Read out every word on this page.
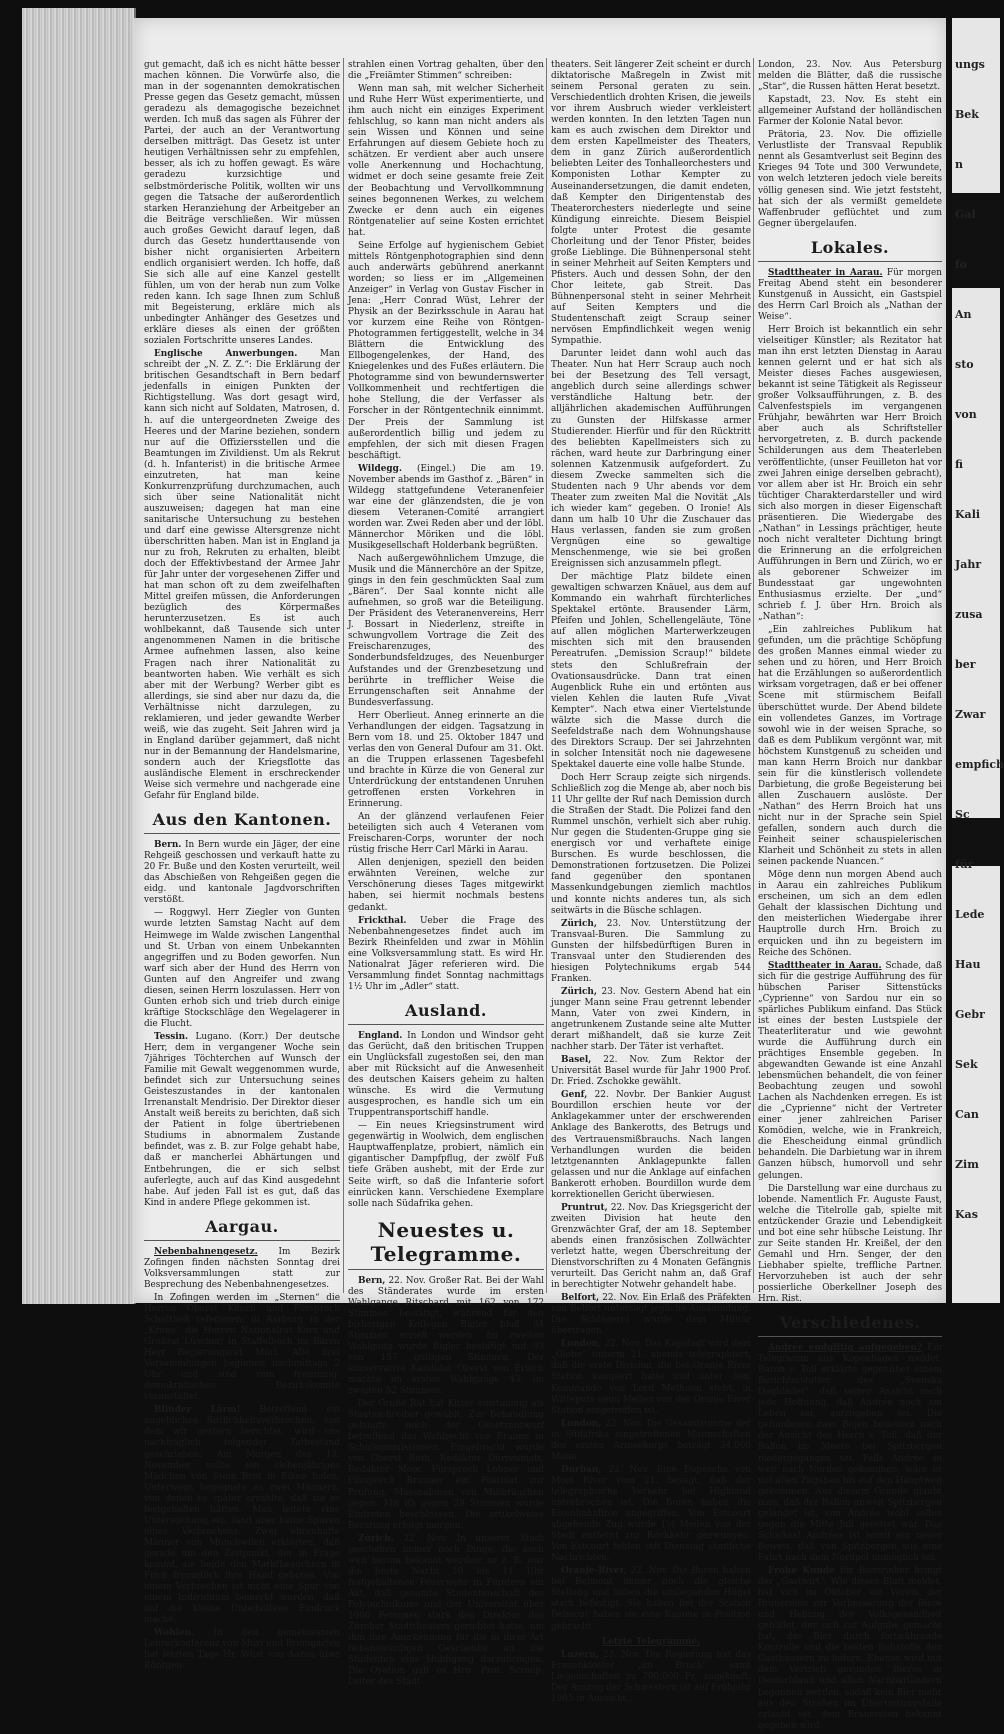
gut gemacht, daß ich es nicht hätte besser machen können. Die Vorwürfe also, die man in der sogenannten demokratischen Presse gegen das Gesetz gemacht, müssen geradezu als demagogische bezeichnet werden. Ich muß das sagen als Führer der Partei, der auch an der Verantwortung derselben mitträgt. Das Gesetz ist unter heutigen Verhältnissen sehr zu empfehlen, besser, als ich zu hoffen gewagt. Es wäre geradezu kurzsichtige und selbstmörderische Politik, wollten wir uns gegen die Tatsache der außerordentlich starken Heranziehung der Arbeitgeber an die Beiträge verschließen. Wir müssen auch großes Gewicht darauf legen, daß durch das Gesetz hunderttausende von bisher nicht organisierten Arbeitern endlich organisiert werden. Ich hoffe, daß Sie sich alle auf eine Kanzel gestellt fühlen, um von der herab nun zum Volke reden kann. Ich sage Ihnen zum Schluß mit Begeisterung, erkläre mich als unbedingter Anhänger des Gesetzes und erkläre dieses als einen der größten sozialen Fortschritte unseres Landes.

Englische Anwerbungen.	Man schreibt der „N. Z. Z.“: Die Erklärung der britischen Gesandtschaft in Bern bedarf jedenfalls in einigen Punkten der Richtigstellung. Was dort gesagt wird, kann sich nicht auf Soldaten, Matrosen, d. h. auf die untergeordneten Zweige des Heeres und der Marine beziehen, sondern nur auf die Offiziersstellen und die Beamtungen im Zivildienst. Um als Rekrut (d. h. Infanterist) in die britische Armee einzutreten, hat man keine Konkurrenzprüfung durchzumachen, auch sich über seine Nationalität nicht auszuweisen; dagegen hat man eine sanitarische Untersuchung zu bestehen und darf eine gewisse Altersgrenze nicht überschritten haben. Man ist in England ja nur zu froh, Rekruten zu erhalten, bleibt doch der Effektivbestand der Armee Jahr für Jahr unter der vorgesehenen Ziffer und hat man schon oft zu dem zweifelhaften Mittel greifen müssen, die Anforderungen bezüglich des Körpermaßes herunterzusetzen. Es ist auch wohlbekannt, daß Tausende sich unter angenommenen Namen in die britische Armee aufnehmen lassen, also keine Fragen nach ihrer Nationalität zu beantworten haben. Wie verhält es sich aber mit der Werbung? Werber gibt es allerdings, sie sind aber nur dazu da, die Verhältnisse nicht darzulegen, zu reklamieren, und jeder gewandte Werber weiß, wie das zugeht. Seit Jahren wird ja in England darüber gejammert, daß nicht nur in der Bemannung der Handelsmarine, sondern auch der Kriegsflotte das ausländische Element in erschreckender Weise sich vermehre und nachgerade eine Gefahr für England bilde.

Aus den Kantonen.

Bern. In Bern wurde ein Jäger, der eine Rehgeiß geschossen und verkauft hatte zu 20 Fr. Buße und den Kosten verurteilt, weil das Abschießen von Rehgeißen gegen die eidg. und kantonale Jagdvorschriften verstößt.

— Roggwyl. Herr Ziegler von Gunten wurde letzten Samstag Nacht auf dem Heimwege im Walde zwischen Langenthal und St. Urban von einem Unbekannten angegriffen und zu Boden geworfen. Nun warf sich aber der Hund des Herrn von Gunten auf den Angreifer und zwang diesen, seinen Herrn loszulassen. Herr von Gunten erhob sich und trieb durch einige kräftige Stockschläge den Wegelagerer in die Flucht.

Tessin. Lugano. (Korr.) Der deutsche Herr, dem in vergangener Woche sein 7jähriges Töchterchen auf Wunsch der Familie mit Gewalt weggenommen wurde, befindet sich zur Untersuchung seines Geisteszustandes in der kantonalen Irrenanstalt Mendrisio. Der Direktor dieser Anstalt weiß bereits zu berichten, daß sich der Patient in folge übertriebenen Studiums in abnormalem Zustande befindet, was z. B. zur Folge gehabt habe, daß er mancherlei Abhärtungen und Entbehrungen, die er sich selbst auferlegte, auch auf das Kind ausgedehnt habe. Auf jeden Fall ist es gut, daß das Kind in andere Pflege gekommen ist.

Aargau.

Nebenbahnengesetz. Im Bezirk Zofingen finden nächsten Sonntag drei Volksversammlungen statt zur Besprechung des Nebenbahnengesetzes.

In Zofingen werden im „Sternen“ die Herren Oberst Künzli und Fürsprech Schultheß referieren; in Aarburg in der „Krone“ die Herren Nationalrat Kurz und Großrat Lüscher; in Staffelbach im Bären Herr Regierungsrat Müri. Alle drei Versammlungen beginnen nachmittags 2 Uhr und sind vom freisinnig-demokratischen Bezirkskomite veranstaltet.

Blinder Lärm! Betreffend ein angebliches Sittlichkeitsverbrechen, von dem wir gestern berichtet, wird uns nachträglich folgender Tatbestand geschrieben: Am Morgen des 13. November sollte ein siebenjähriges Mädchen von Stein Brot in Eiken holen. Unterwegs begegnete es zwei Männern, von denen es später erzählte, daß sie es festgehalten hätten. Man leitete eine Untersuchung ein, fand aber keine Spuren eines Verbrechens. Zwei ehrenhafte Männer von Münchwilen erklärten, daß gerade um den Zeitpunkt, der in Frage kommt, sie beide den Marktbesuchern in Frick freundlich ihre Hand geboten. Von einem Verbrechen ist nicht eine Spur von einem Individuum bemerkt worden, daß auf die kleine Unbeholfene Eindruck mache.

Wohlen. In den gemeinsamen Lehrerkonferenz von Muri und Bremgarten hat letzten Tage Hr. Wüst von Aarau über Röntgen-

strahlen einen Vortrag gehalten, über den die „Freiämter Stimmen“ schreiben:

Wenn man sah, mit welcher Sicherheit und Ruhe Herr Wüst experimentierte, und ihm auch nicht ein einziges Experiment fehlschlug, so kann man nicht anders als sein Wissen und Können und seine Erfahrungen auf diesem Gebiete hoch zu schätzen. Er verdient aber auch unsere volle Anerkennung und Hochachtung, widmet er doch seine gesamte freie Zeit der Beobachtung und Vervollkommnung seines begonnenen Werkes, zu welchem Zwecke er denn auch ein eigenes Röntgenatelier auf seine Kosten errichtet hat.

Seine Erfolge auf hygienischem Gebiet mittels Röntgenphotographien sind denn auch anderwärts gebührend anerkannt worden; so liess er im „Allgemeinen Anzeiger“ in Verlag von Gustav Fischer in Jena: „Herr Conrad Wüst, Lehrer der Physik an der Bezirksschule in Aarau hat vor kurzem eine Reihe von Röntgen-Photogrammen fertiggestellt, welche in 34 Blättern die Entwicklung des Ellbogengelenkes, der Hand, des Kniegelenkes und des Fußes erläutern. Die Photogramme sind von bewundernswerter Vollkommenheit und rechtfertigen die hohe Stellung, die der Verfasser als Forscher in der Röntgentechnik einnimmt. Der Preis der Sammlung ist außerordentlich billig und jedem zu empfehlen, der sich mit diesen Fragen beschäftigt.

Wildegg. (Eingel.) Die am 19. November abends im Gasthof z. „Bären“ in Wildegg stattgefundene Veteranenfeier war eine der glänzendsten, die je von diesem Veteranen-Comité arrangiert worden war. Zwei Reden aber und der löbl. Männerchor Möriken und die löbl. Musikgesellschaft Holderbank begrüßten.

Nach außergewöhnlichem Umzuge, die Musik und die Männerchöre an der Spitze, gings in den fein geschmückten Saal zum „Bären“. Der Saal konnte nicht alle aufnehmen, so groß war die Beteiligung. Der Präsident des Veteranenvereins, Herr J. Bossart in Niederlenz, streifte in schwungvollem Vortrage die Zeit des Freischarenzuges, des Sonderbundsfeldzuges, des Neuenburger Aufstandes und der Grenzbesetzung und berührte in trefflicher Weise die Errungenschaften seit Annahme der Bundesverfassung.

Herr Oberlieut. Anneg erinnerte an die Verhandlungen der eidgen. Tagsatzung in Bern vom 18. und 25. Oktober 1847 und verlas den von General Dufour am 31. Okt. an die Truppen erlassenen Tagesbefehl und brachte in Kürze die von General zur Unterdrückung der entstandenen Unruhen getroffenen ersten Vorkehren in Erinnerung.

An der glänzend verlaufenen Feier beteiligten sich auch 4 Veteranen vom Freischaren-Corps, worunter der noch rüstig frische Herr Carl Märki in Aarau.

Allen denjenigen, speziell den beiden erwähnten Vereinen, welche zur Verschönerung dieses Tages mitgewirkt haben, sei hiermit nochmals bestens gedankt.

Frickthal. Ueber die Frage des Nebenbahnengesetzes findet auch im Bezirk Rheinfelden und zwar in Möhlin eine Volksversammlung statt. Es wird Hr. Nationalrat Jäger referieren wird. Die Versammlung findet Sonntag nachmittags 1½ Uhr im „Adler“ statt.

Ausland.

England. In London und Windsor geht das Gerücht, daß den britischen Truppen ein Unglücksfall zugestoßen sei, den man aber mit Rücksicht auf die Anwesenheit des deutschen Kaisers geheim zu halten wünsche. Es wird die Vermutung ausgesprochen, es handle sich um ein Truppentransportschiff handle.

— Ein neues Kriegsinstrument wird gegenwärtig in Woolwich, dem englischen Hauptwaffenplatze, probiert, nämlich ein gigantischer Dampfpflug, der zwölf Fuß tiefe Gräben aushebt, mit der Erde zur Seite wirft, so daß die Infanterie sofort einrücken kann. Verschiedene Exemplare solle nach Südafrika gehen.

Neuestes u. Telegramme.

Bern, 22. Nov. Großer Rat. Bei der Wahl des Ständerates wurde im ersten Wahlgange Ritschard mit 162 von 172 Stimmen bestätigt, während für den bisherigen Kollegen Bigler bloß 84 Stimmen erzielt werden. Im zweiten Wahlgang wurde Bigler bestätigt mit 93 von 157 gültigen Stimmen. Der konservative Kandidat Oberst von Erlach machte im ersten Wahlgange 43, im zweiten 52 Stimmen.

Der Große Rat hat Kitter einstimmig als Staatsschreiber gewählt. Zur Behandlung gelangte noch der Gesetzentwurf betreffend das Wahlrecht von Frauen in Schulkommissionen. Eingebracht wurde von Oberst Roth, Redaktor Dürrenmatt, Redaktor Moor, Fürsprech Lohner und Fürsprech Brunner ein Postulat zur Prüfung, Massnahmen von Mißbräuchen gegen. Mit 85 gegen 28 Stimmen wurde Eintreten beschlossen. Die artikelweise Beratung erfolgt morgen.

Zürich, 22. Nov. In unserer Stadt geschehen immer noch Dinge, die auch weit herum bekannt werden: so z. B. war die beste Nacht 10 bis 11 Uhr festgehaltenen Feuerwehr in Fluntern ein Akt, daß gesamte Studentenschaft des Polytechnikums und der Universität über 1000 Personen stark den Direktor des Zürcher Stadttheaters gerichtet hatte, um ihm ihre Anerkennung für die in ihrer Art liebenswürdigen Geschenke an die Studenten eine Huldigung darzubringen. Die Ovation galt es Hrn. Prof. Scraup, Leiter des Stadt-

theaters. Seit längerer Zeit scheint er durch diktatorische Maßregeln in Zwist mit seinem Personal geraten zu sein. Verschiedentlich drohten Krisen, die jeweils vor ihrem Ausbruch wieder verkleistert werden konnten. In den letzten Tagen nun kam es auch zwischen dem Direktor und dem ersten Kapellmeister des Theaters, dem in ganz Zürich außerordentlich beliebten Leiter des Tonhalleorchesters und Komponisten Lothar Kempter zu Auseinandersetzungen, die damit endeten, daß Kempter den Dirigentenstab des Theaterorchesters niederlegte und seine Kündigung einreichte. Diesem Beispiel folgte unter Protest die gesamte Chorleitung und der Tenor Pfister, beides große Lieblinge. Die Bühnenpersonal steht in seiner Mehrheit auf Seiten Kempters und Pfisters. Auch und dessen Sohn, der den Chor leitete, gab Streit. Das Bühnenpersonal steht in seiner Mehrheit auf Seiten Kempters und die Studentenschaft zeigt Scraup seiner nervösen Empfindlichkeit wegen wenig Sympathie.

Darunter leidet dann wohl auch das Theater. Nun hat Herr Scraup auch noch bei der Besetzung des Tell versagt, angeblich durch seine allerdings schwer verständliche Haltung betr. der alljährlichen akademischen Aufführungen zu Gunsten der Hilfskasse armer Studierender. Hierfür und für den Rücktritt des beliebten Kapellmeisters sich zu rächen, ward heute zur Darbringung einer solennen Katzenmusik aufgefordert. Zu diesem Zwecke sammelten sich die Studenten nach 9 Uhr abends vor dem Theater zum zweiten Mal die Novität „Als ich wieder kam“ gegeben. O Ironie! Als dann um halb 10 Uhr die Zuschauer das Haus verlassen, fanden sie zum großen Vergnügen eine so gewaltige Menschenmenge, wie sie bei großen Ereignissen sich anzusammeln pflegt.

Der mächtige Platz bildete einen gewaltigen schwarzen Knäuel, aus dem auf Kommando ein wahrhaft fürchterliches Spektakel ertönte. Brausender Lärm, Pfeifen und Johlen, Schellengeläute, Töne auf allen möglichen Marterwerkzeugen mischten sich mit den brausenden Pereatrufen. „Demission Scraup!“ bildete stets den Schlußrefrain der Ovationsausdrücke. Dann trat einen Augenblick Ruhe ein und ertönten aus vielen Kehlen die lauten Rufe „Vivat Kempter“. Nach etwa einer Viertelstunde wälzte sich die Masse durch die Seefeldstraße nach dem Wohnungshause des Direktors Scraup. Der sei Jahrzehnten in solcher Intensität noch nie dagewesene Spektakel dauerte eine volle halbe Stunde.

Doch Herr Scraup zeigte sich nirgends. Schließlich zog die Menge ab, aber noch bis 11 Uhr gellte der Ruf nach Demission durch die Straßen der Stadt. Die Polizei fand den Rummel unschön, verhielt sich aber ruhig. Nur gegen die Studenten-Gruppe ging sie energisch vor und verhaftete einige Burschen. Es wurde beschlossen, die Demonstrationen fortzusetzen. Die Polizei fand gegenüber den spontanen Massenkundgebungen ziemlich machtlos und konnte nichts anderes tun, als sich seitwärts in die Büsche schlagen.

Zürich, 23. Nov. Unterstützung der Transvaal-Buren. Die Sammlung zu Gunsten der hilfsbedürftigen Buren in Transvaal unter den Studierenden des hiesigen Polytechnikums ergab 544 Franken.

Zürich, 23. Nov. Gestern Abend hat ein junger Mann seine Frau getrennt lebender Mann, Vater von zwei Kindern, in angetrunkenem Zustande seine alte Mutter derart mißhandelt, daß sie kurze Zeit nachher starb. Der Täter ist verhaftet.

Basel, 22. Nov. Zum Rektor der Universität Basel wurde für Jahr 1900 Prof. Dr. Fried. Zschokke gewählt.

Genf, 22. Novbr. Der Bankier August Bourdillon erschien heute vor der Anklagekammer unter der erschwerenden Anklage des Bankerotts, des Betrugs und des Vertrauensmißbrauchs. Nach langen Verhandlungen wurden die beiden letztgenannten Anklagepunkte fallen gelassen und nur die Anklage auf einfachen Bankerott erhoben. Bourdillon wurde dem korrektionellen Gericht überwiesen.

Pruntrut, 22. Nov. Das Kriegsgericht der zweiten Division hat heute den Grenzwächter Graf, der am 18. September abends einen französischen Zollwächter verletzt hatte, wegen Überschreitung der Dienstvorschriften zu 4 Monaten Gefängnis verurteilt. Das Gericht nahm an, daß Graf in berechtigter Notwehr gehandelt habe.

Belfort, 22. Nov. Ein Erlaß des Präfekten von Belfort untersagt jegliche Ansammlung. Die Schlägerei wurde dem Militär übertragen.

London, 22. Nov. Das Kapstadt wird dem „Globe“ unterm 21. abends telegraphiert, daß die erste Division, die bei Oranje River Station kampiert hatte und unter dem Kommando von Lord Methuen steht, in Witteputs neun Meilen von der Oranje River Station eingetroffen ist.

London, 22. Nov. Die Gesamtsumme der in Südafrika eingetroffenen Mannschaften des ersten Armeekorps beträgt 34,000 Mann.

Durban, 22. Nov. Eine Depesche von Mooi River vom 21. besagt, daß der telegraphische Verkehr bei Highland unterbrochen ist. Die Buren haben die Eisenbahnlinie angegriffen. Von Estcourt abgehende Zug wurde 1½ Meilen von der Stadt entfernt zur Rückkehr gezwungen. Von Estcourt fehlen seit Dienstag sämtliche Nachrichten.

Oranje-River, 22. Nov. Die Buren halten bei Belmont immer noch die gleiche Stellung und haben die umliegenden Hügel stark befestigt. Sie haben bei der Station Belmont haben sie eine Kanone in Position gebracht.

Letzte Telegramme.

Luzern, 23. Nov. Die Regierung hat das Frauenkloster „im Bruch“ samt Liegenschaften zu 700,000 Fr. angekauft. Der Auszug der Schwestern ist auf Frühjahr 1905 in Aussicht.

London, 23. Nov. Aus Petersburg melden die Blätter, daß die russische „Star“, die Russen hätten Herat besetzt.

Kapstadt, 23. Nov. Es steht ein allgemeiner Aufstand der holländischen Farmer der Kolonie Natal bevor.

Prätoria, 23. Nov. Die offizielle Verlustliste der Transvaal Republik nennt als Gesamtverlust seit Beginn des Krieges 94 Tote und 300 Verwundete, von welch letzteren jedoch viele bereits völlig genesen sind. Wie jetzt feststeht, hat sich der als vermißt gemeldete Waffenbruder geflüchtet und zum Gegner übergelaufen.

Lokales.

Stadttheater in Aarau. Für morgen Freitag Abend steht ein besonderer Kunstgenuß in Aussicht, ein Gastspiel des Herrn Carl Broich als „Nathan der Weise“.

Herr Broich ist bekanntlich ein sehr vielseitiger Künstler; als Rezitator hat man ihn erst letzten Dienstag in Aarau kennen gelernt und er hat sich als Meister dieses Faches ausgewiesen, bekannt ist seine Tätigkeit als Regisseur großer Volksaufführungen, z. B. des Calvenfestspiels im vergangenen Frühjahr, bewährten war Herr Broich aber auch als Schriftsteller hervorgetreten, z. B. durch packende Schilderungen aus dem Theaterleben veröffentlichte, (unser Feuilleton hat vor zwei Jahren einige derselben gebracht), vor allem aber ist Hr. Broich ein sehr tüchtiger Charakterdarsteller und wird sich also morgen in dieser Eigenschaft präsentieren. Die Wiedergabe des „Nathan“ in Lessings prächtiger, heute noch nicht veralteter Dichtung bringt die Erinnerung an die erfolgreichen Aufführungen in Bern und Zürich, wo er als geborener Schweizer im Bundesstaat gar ungewohnten Enthusiasmus erzielte. Der „und“ schrieb f. J. über Hrn. Broich als „Nathan“:

„Ein zahlreiches Publikum hat gefunden, um die prächtige Schöpfung des großen Mannes einmal wieder zu sehen und zu hören, und Herr Broich hat die Erzählungen so außerordentlich wirksam vorgetragen, daß er bei offener Scene mit stürmischem Beifall überschüttet wurde. Der Abend bildete ein vollendetes Ganzes, im Vortrage sowohl wie in der weisen Sprache, so daß es dem Publikum vergönnt war, mit höchstem Kunstgenuß zu scheiden und man kann Herrn Broich nur dankbar sein für die künstlerisch vollendete Darbietung, die große Begeisterung bei allen Zuschauern auslöste. Der „Nathan“ des Herrn Broich hat uns nicht nur in der Sprache sein Spiel gefallen, sondern auch durch die Feinheit seiner schauspielerischen Klarheit und Schönheit zu stets in allen seinen packende Nuancen.“

Möge denn nun morgen Abend auch in Aarau ein zahlreiches Publikum erscheinen, um sich an dem edlen Gehalt der klassischen Dichtung und den meisterlichen Wiedergabe ihrer Hauptrolle durch Hrn. Broich zu erquicken und ihn zu begeistern im Reiche des Schönen.

Stadttheater in Aarau. Schade, daß sich für die gestrige Aufführung des für hübschen Pariser Sittenstücks „Cyprienne“ von Sardou nur ein so spärliches Publikum einfand. Das Stück ist eines der besten Lustspiele der Theaterliteratur und wie gewohnt wurde die Aufführung durch ein prächtiges Ensemble gegeben. In abgewandten Gewande ist eine Anzahl lebensmüchen behandelt, die von feiner Beobachtung zeugen und sowohl Lachen als Nachdenken erregen. Es ist die „Cyprienne“ nicht der Vertreter einer jener zahlreichen Pariser Komödien, welche, wie in Frankreich, die Ehescheidung einmal gründlich behandeln. Die Darbietung war in ihrem Ganzen hübsch, humorvoll und sehr gelungen.

Die Darstellung war eine durchaus zu lobende. Namentlich Fr. Auguste Faust, welche die Titelrolle gab, spielte mit entzückender Grazie und Lebendigkeit und bot eine sehr hübsche Leistung. Ihr zur Seite standen Hr. Kreißel, der den Gemahl und Hrn. Senger, der den Liebhaber spielte, treffliche Partner. Hervorzuheben ist auch der sehr possierliche Oberkellner Joseph des Hrn. Rist.

Verschiedenes.

Andrée endgiltig aufgegeben? Ein Telegramm aus Kopenhagen meldet: Baron v. Toll erklärte gegenüber einem Berichterstatter des „Svenska Dagbladet“, daß seiner Ansicht nach jede Hoffnung, daß Andrée noch am Leben sei, aufzugeben sei. Die gefundenen zwei Bojen bedeuten nach der Ansicht des Herrn v. Toll, daß der Ballon im Meere bei Spitzbergen niedergegangen sei. Falls Andrée so weit nach Norden gekommen, wäre er mit allen Zugaben bis auf den Hauptweg gekommen. Aus diesem Grunde glaubt man, daß der Ballon unweit Spitzbergen gelandet ist, von Andrée wohl selbst gegen die Mitte Juli gerettet war. Das Schicksal Andrées ist somit ein neuer Beweis, daß von Spitzbergen aus eine Fahrt nach dem Nordpol unmöglich sei.

Frohe Kunde für Biertrinker bringt der „Gastwirt“. Wie dieses Blatt meldet, hat sich im Oktober ein Verein der Brauereien zur Verbesserung der Biere und Hebung der Volksgesundheit gebildet, der sich zur Aufgabe gemacht hat, das Bier durch fortwährende Kontrolle und die besten Rohstoffe den Gasthäusern zu liefern. Ebenso wird mit dem Vertrieb gesunden Bieres in Deutschland und allen Nachbarländern begonnen werden, sodaß kein Bier mehr aus den Straßen im Übertretungsfalle erlaubt sei, dem Brauereien bekannt gegeben wird.

ungs
Bek
n
Gal
fo
An
sto
von
fi
Kali
Jahr
zusa
ber
Zwar
empfich
Sc
für
Lede
Hau
Gebr
Sek
Can
Zim
Kas
